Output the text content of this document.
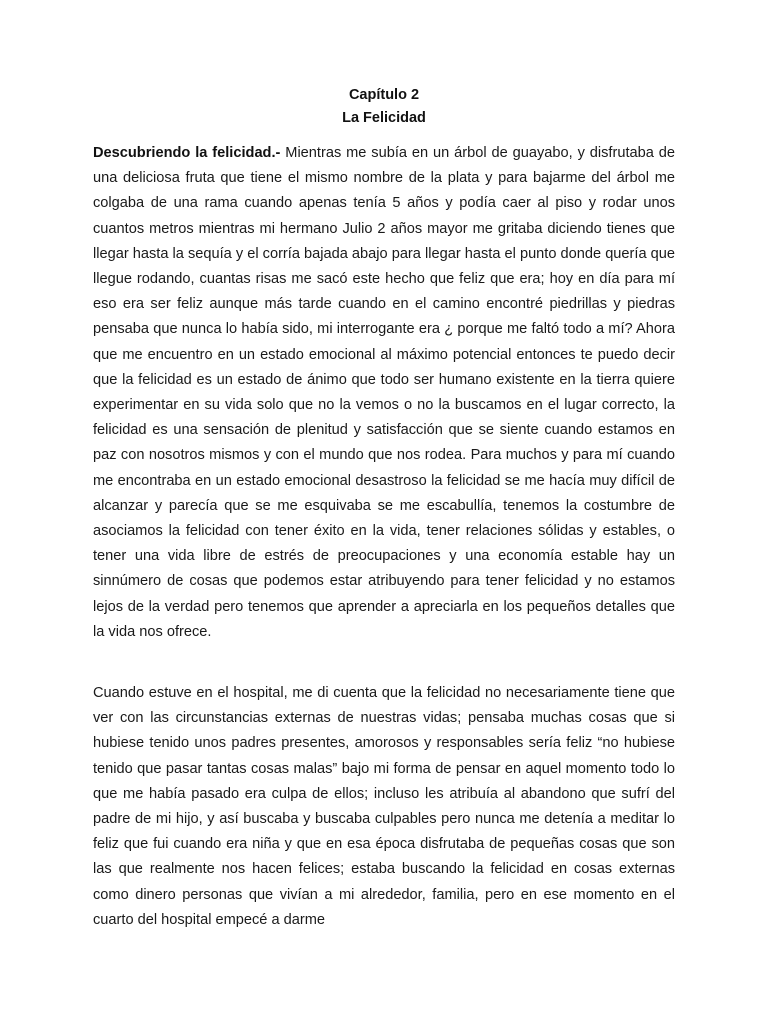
Capítulo 2

La Felicidad

Descubriendo la felicidad.- Mientras me subía en un árbol de guayabo, y disfrutaba de una deliciosa fruta que tiene el mismo nombre de la plata y para bajarme del árbol me colgaba de una rama cuando apenas tenía 5 años y podía caer al piso y rodar unos cuantos metros mientras mi hermano Julio 2 años mayor me gritaba diciendo tienes que llegar hasta la sequía y el corría bajada abajo para llegar hasta el punto donde quería que llegue rodando, cuantas risas me sacó este hecho que feliz que era; hoy en día para mí eso era ser feliz aunque más tarde cuando en el camino encontré piedrillas y piedras pensaba que nunca lo había sido, mi interrogante era ¿ porque me faltó todo a mí? Ahora que me encuentro en un estado emocional al máximo potencial entonces te puedo decir que la felicidad es un estado de ánimo que todo ser humano existente en la tierra quiere experimentar en su vida solo que no la vemos o no la buscamos en el lugar correcto, la felicidad es una sensación de plenitud y satisfacción que se siente cuando estamos en paz con nosotros mismos y con el mundo que nos rodea. Para muchos y para mí cuando me encontraba en un estado emocional desastroso la felicidad se me hacía muy difícil de alcanzar y parecía que se me esquivaba se me escabullía, tenemos la costumbre de asociamos la felicidad con tener éxito en la vida, tener relaciones sólidas y estables, o tener una vida libre de estrés de preocupaciones y una economía estable hay un sinnúmero de cosas que podemos estar atribuyendo para tener felicidad y no estamos lejos de la verdad pero tenemos que aprender a apreciarla en los pequeños detalles que la vida nos ofrece.

Cuando estuve en el hospital, me di cuenta que la felicidad no necesariamente tiene que ver con las circunstancias externas de nuestras vidas; pensaba muchas cosas que si hubiese tenido unos padres presentes, amorosos y responsables sería feliz “no hubiese tenido que pasar tantas cosas malas” bajo mi forma de pensar en aquel momento todo lo que me había pasado era culpa de ellos; incluso les atribuía al abandono que sufrí del padre de mi hijo, y así buscaba y buscaba culpables pero nunca me detenía a meditar lo feliz que fui cuando era niña y que en esa época disfrutaba de pequeñas cosas que son las que realmente nos hacen felices; estaba buscando la felicidad en cosas externas como dinero personas que vivían a mi alrededor, familia, pero en ese momento en el cuarto del hospital empecé a darme
